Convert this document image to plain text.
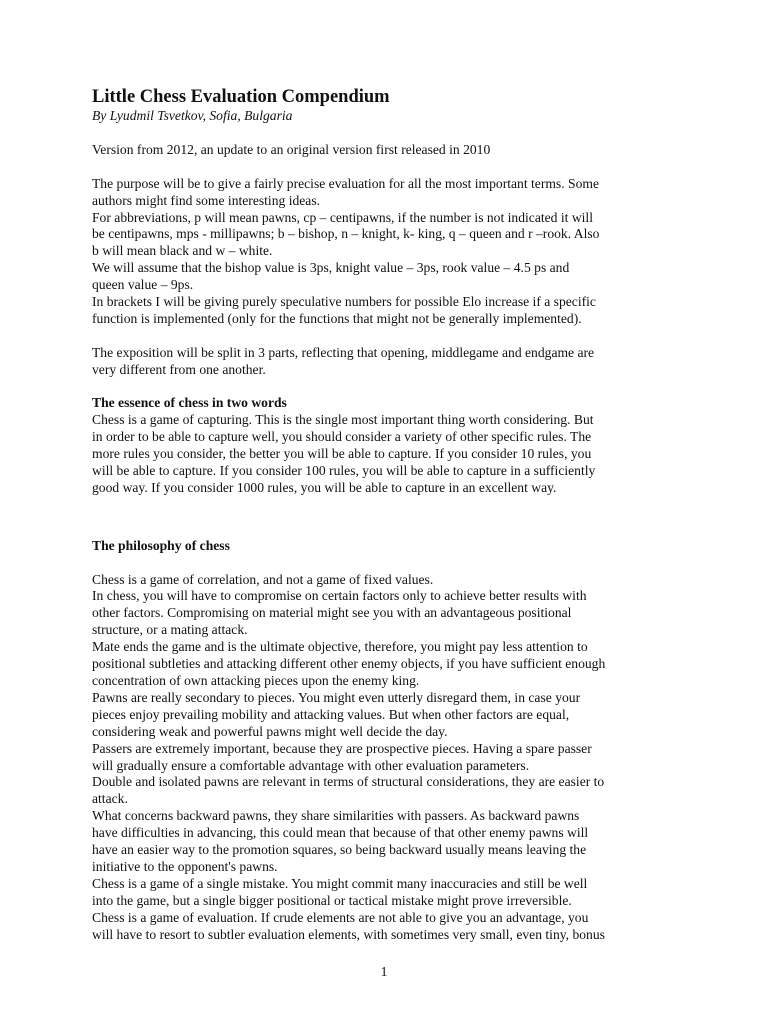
Little Chess Evaluation Compendium

By Lyudmil Tsvetkov, Sofia, Bulgaria

Version from 2012, an update to an original version first released in 2010

The purpose will be to give a fairly precise evaluation for all the most important terms. Some

authors might find some interesting ideas.

For abbreviations, p will mean pawns, cp – centipawns, if the number is not indicated it will

be centipawns, mps - millipawns; b – bishop, n – knight, k- king, q – queen and r –rook. Also

b will mean black and w – white.

We will assume that the bishop value is 3ps, knight value – 3ps, rook value – 4.5 ps and

queen value – 9ps.

In brackets I will be giving purely speculative numbers for possible Elo increase if a specific

function is implemented (only for the functions that might not be generally implemented).

The exposition will be split in 3 parts, reflecting that opening, middlegame and endgame are

very different from one another.

The essence of chess in two words

Chess is a game of capturing. This is the single most important thing worth considering. But

in order to be able to capture well, you should consider a variety of other specific rules. The

more rules you consider, the better you will be able to capture. If you consider 10 rules, you

will be able to capture. If you consider 100 rules, you will be able to capture in a sufficiently

good way. If you consider 1000 rules, you will be able to capture in an excellent way.

The philosophy of chess

Chess is a game of correlation, and not a game of fixed values.

In chess, you will have to compromise on certain factors only to achieve better results with

other factors. Compromising on material might see you with an advantageous positional

structure, or a mating attack.

Mate ends the game and is the ultimate objective, therefore, you might pay less attention to

positional subtleties and attacking different other enemy objects, if you have sufficient enough

concentration of own attacking pieces upon the enemy king.

Pawns are really secondary to pieces. You might even utterly disregard them, in case your

pieces enjoy prevailing mobility and attacking values. But when other factors are equal,

considering weak and powerful pawns might well decide the day.

Passers are extremely important, because they are prospective pieces. Having a spare passer

will gradually ensure a comfortable advantage with other evaluation parameters.

Double and isolated pawns are relevant in terms of structural considerations, they are easier to

attack.

What concerns backward pawns, they share similarities with passers. As backward pawns

have difficulties in advancing, this could mean that because of that other enemy pawns will

have an easier way to the promotion squares, so being backward usually means leaving the

initiative to the opponent's pawns.

Chess is a game of a single mistake. You might commit many inaccuracies and still be well

into the game, but a single bigger positional or tactical mistake might prove irreversible.

Chess is a game of evaluation. If crude elements are not able to give you an advantage, you

will have to resort to subtler evaluation elements, with sometimes very small, even tiny, bonus

1
